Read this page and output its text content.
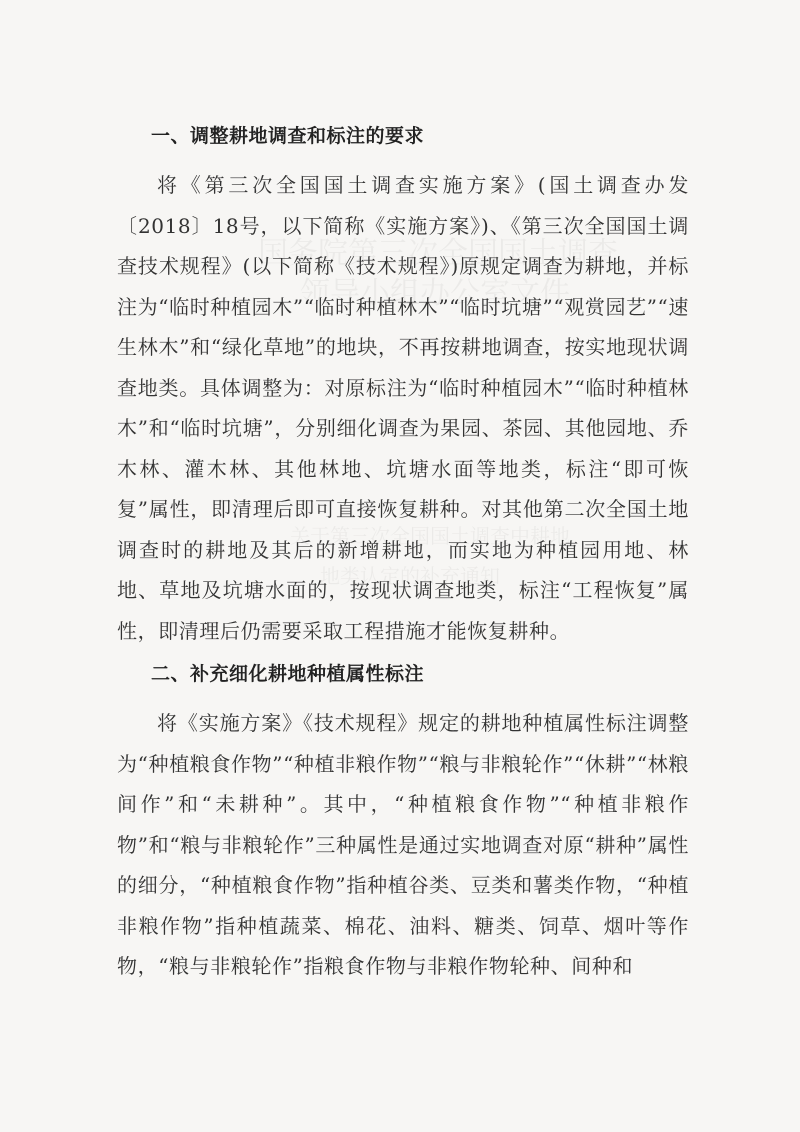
一、调整耕地调查和标注的要求

将《第三次全国国土调查实施方案》(国土调查办发〔2018〕18号，以下简称《实施方案》)、《第三次全国国土调查技术规程》(以下简称《技术规程》)原规定调查为耕地，并标注为“临时种植园木”“临时种植林木”“临时坑塘”“观赏园艺”“速生林木”和“绿化草地”的地块，不再按耕地调查，按实地现状调查地类。具体调整为：对原标注为“临时种植园木”“临时种植林木”和“临时坑塘”，分别细化调查为果园、茶园、其他园地、乔木林、灌木林、其他林地、坑塘水面等地类，标注“即可恢复”属性，即清理后即可直接恢复耕种。对其他第二次全国土地调查时的耕地及其后的新增耕地，而实地为种植园用地、林地、草地及坑塘水面的，按现状调查地类，标注“工程恢复”属性，即清理后仍需要采取工程措施才能恢复耕种。

二、补充细化耕地种植属性标注

将《实施方案》《技术规程》规定的耕地种植属性标注调整为“种植粮食作物”“种植非粮作物”“粮与非粮轮作”“休耕”“林粮间作”和“未耕种”。其中，“种植粮食作物”“种植非粮作物”和“粮与非粮轮作”三种属性是通过实地调查对原“耕种”属性的细分，“种植粮食作物”指种植谷类、豆类和薯类作物，“种植非粮作物”指种植蔬菜、棉花、油料、糖类、饲草、烟叶等作物，“粮与非粮轮作”指粮食作物与非粮作物轮种、间种和
